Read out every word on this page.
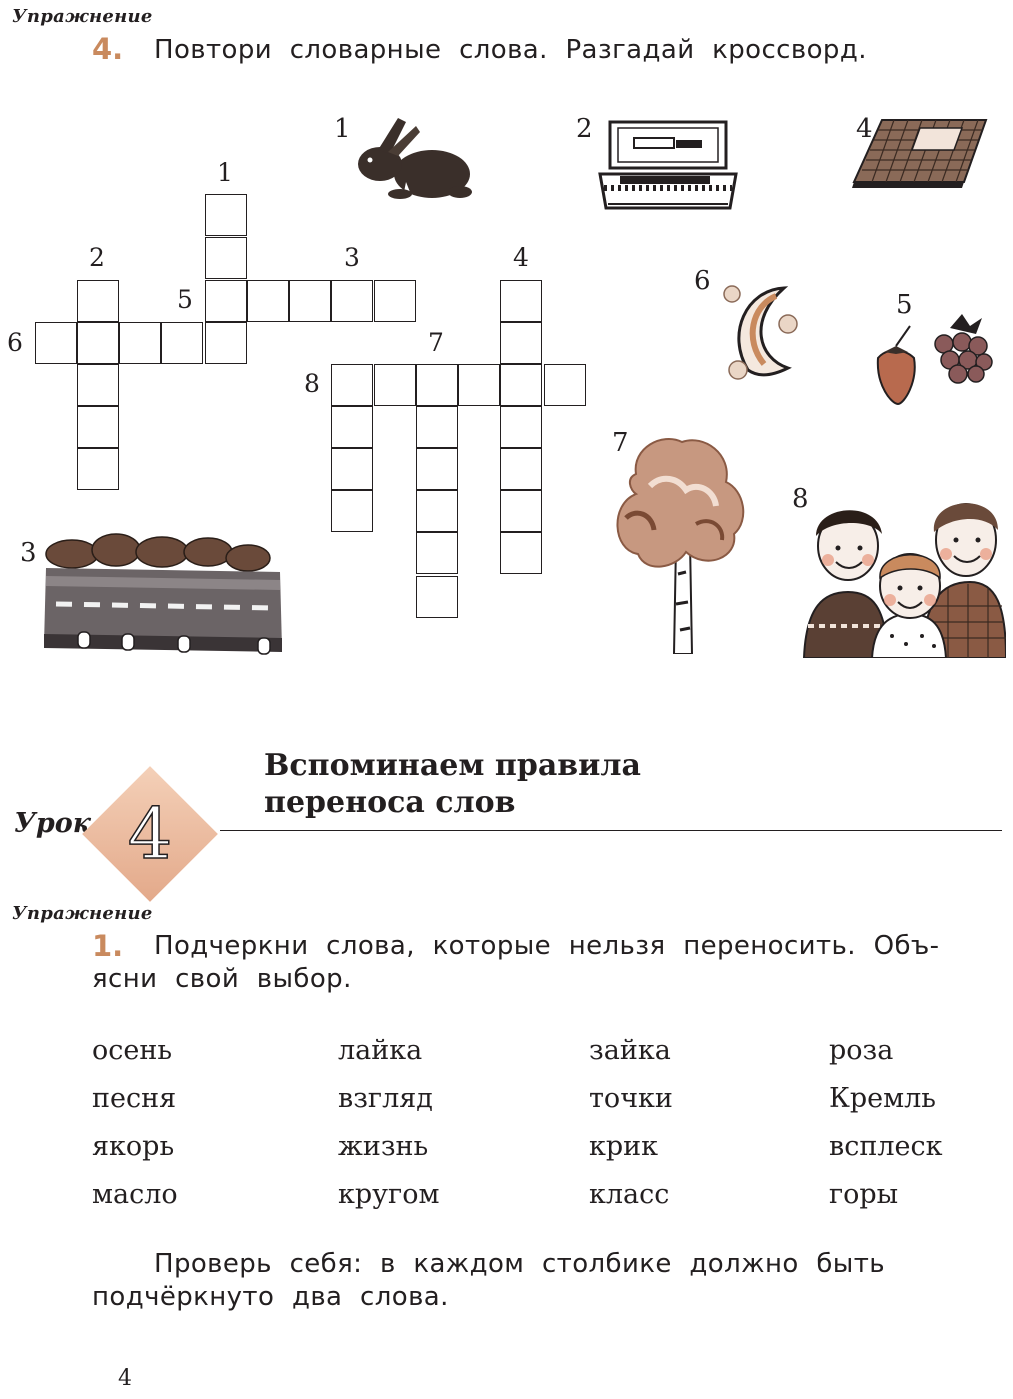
Упражнение
4. Повтори словарные слова. Разгадай кроссворд.
1
2	3	4
5
6	7
8
1	2	4
6
5
7
3
8
Урок 4
Вспоминаем правила
переноса слов
Упражнение
1. Подчеркни слова, которые нельзя переносить. Объ-
ясни свой выбор.
осень	лайка	зайка	роза
песня	взгляд	точки	Кремль
якорь	жизнь	крик	всплеск
масло	кругом	класс	горы
Проверь себя: в каждом столбике должно быть
подчёркнуто два слова.
4
